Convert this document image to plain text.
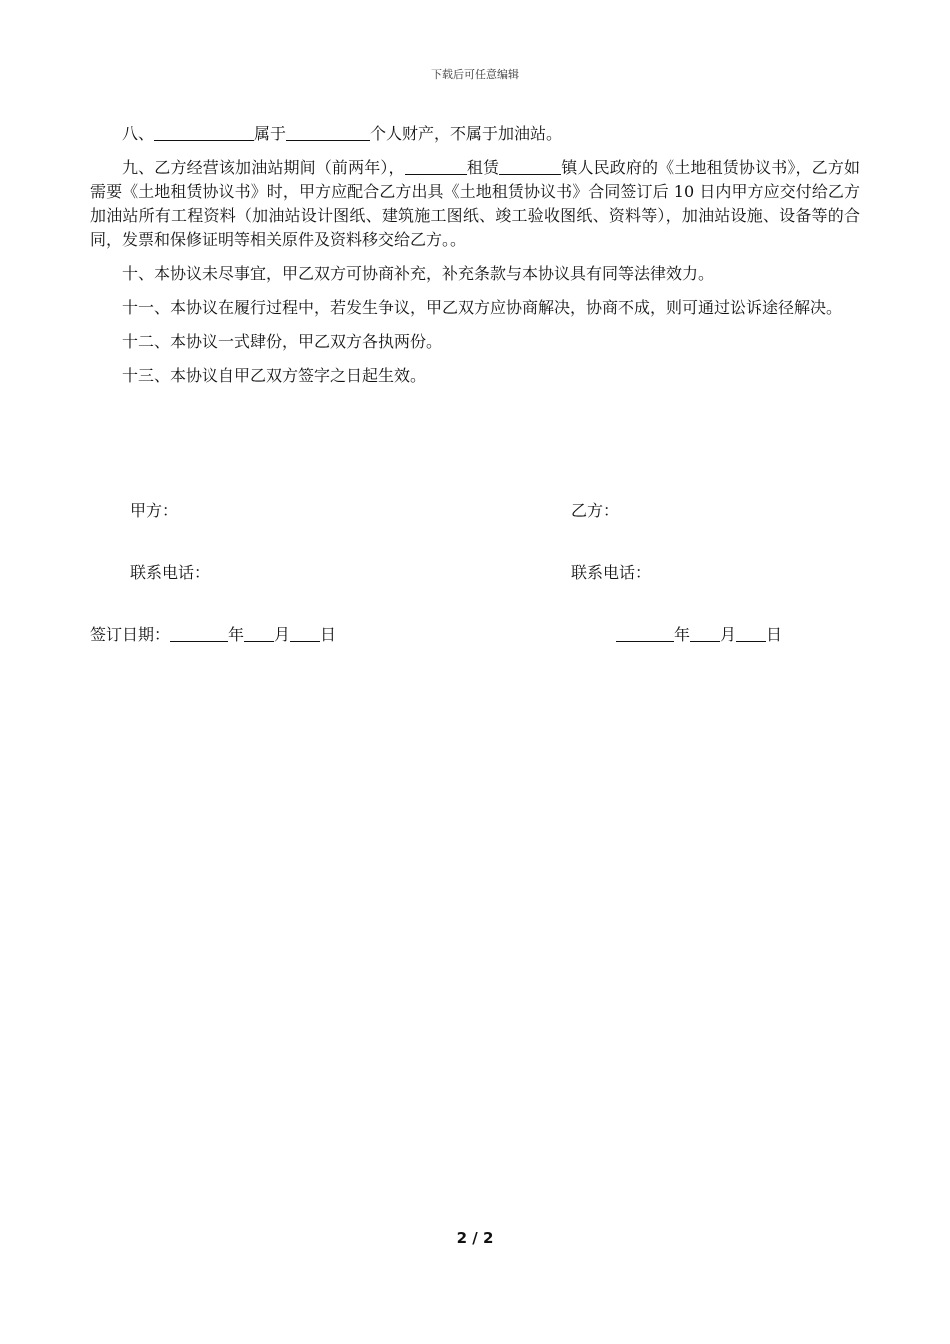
下载后可任意编辑

八、	属于	个人财产，不属于加油站。

九、乙方经营该加油站期间（前两年），	租赁	镇人民政府的《土地租赁协议书》，乙方如需要《土地租赁协议书》时，甲方应配合乙方出具《土地租赁协议书》合同签订后 10 日内甲方应交付给乙方加油站所有工程资料（加油站设计图纸、建筑施工图纸、竣工验收图纸、资料等），加油站设施、设备等的合同，发票和保修证明等相关原件及资料移交给乙方。。

十、本协议未尽事宜，甲乙双方可协商补充，补充条款与本协议具有同等法律效力。

十一、本协议在履行过程中，若发生争议，甲乙双方应协商解决，协商不成，则可通过讼诉途径解决。

十二、本协议一式肆份，甲乙双方各执两份。

十三、本协议自甲乙双方签字之日起生效。

甲方：	乙方：
联系电话：	联系电话：
签订日期：	年 月 日	年 月 日
2 / 2
